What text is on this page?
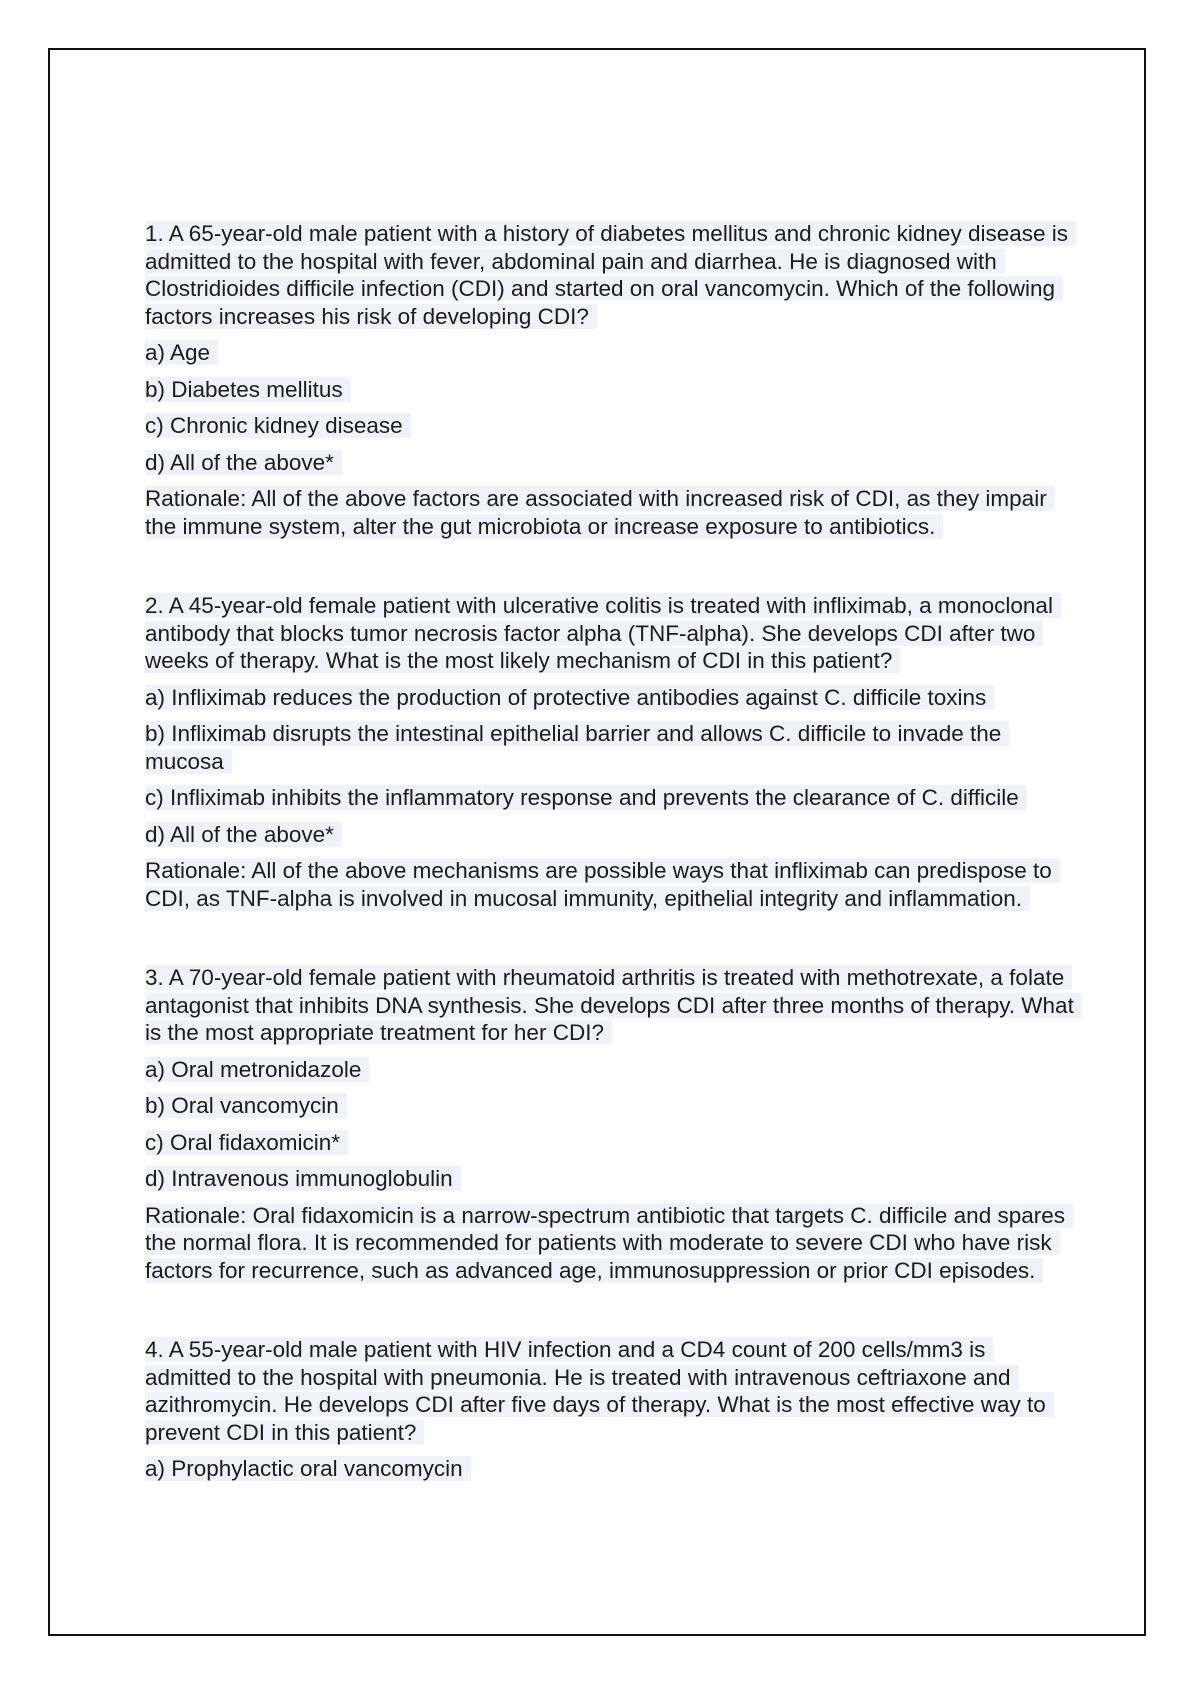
1. A 65-year-old male patient with a history of diabetes mellitus and chronic kidney disease is admitted to the hospital with fever, abdominal pain and diarrhea. He is diagnosed with Clostridioides difficile infection (CDI) and started on oral vancomycin. Which of the following factors increases his risk of developing CDI?

a) Age

b) Diabetes mellitus

c) Chronic kidney disease

d) All of the above*

Rationale: All of the above factors are associated with increased risk of CDI, as they impair the immune system, alter the gut microbiota or increase exposure to antibiotics.

2. A 45-year-old female patient with ulcerative colitis is treated with infliximab, a monoclonal antibody that blocks tumor necrosis factor alpha (TNF-alpha). She develops CDI after two weeks of therapy. What is the most likely mechanism of CDI in this patient?

a) Infliximab reduces the production of protective antibodies against C. difficile toxins

b) Infliximab disrupts the intestinal epithelial barrier and allows C. difficile to invade the mucosa

c) Infliximab inhibits the inflammatory response and prevents the clearance of C. difficile

d) All of the above*

Rationale: All of the above mechanisms are possible ways that infliximab can predispose to CDI, as TNF-alpha is involved in mucosal immunity, epithelial integrity and inflammation.

3. A 70-year-old female patient with rheumatoid arthritis is treated with methotrexate, a folate antagonist that inhibits DNA synthesis. She develops CDI after three months of therapy. What is the most appropriate treatment for her CDI?

a) Oral metronidazole

b) Oral vancomycin

c) Oral fidaxomicin*

d) Intravenous immunoglobulin

Rationale: Oral fidaxomicin is a narrow-spectrum antibiotic that targets C. difficile and spares the normal flora. It is recommended for patients with moderate to severe CDI who have risk factors for recurrence, such as advanced age, immunosuppression or prior CDI episodes.

4. A 55-year-old male patient with HIV infection and a CD4 count of 200 cells/mm3 is admitted to the hospital with pneumonia. He is treated with intravenous ceftriaxone and azithromycin. He develops CDI after five days of therapy. What is the most effective way to prevent CDI in this patient?

a) Prophylactic oral vancomycin
